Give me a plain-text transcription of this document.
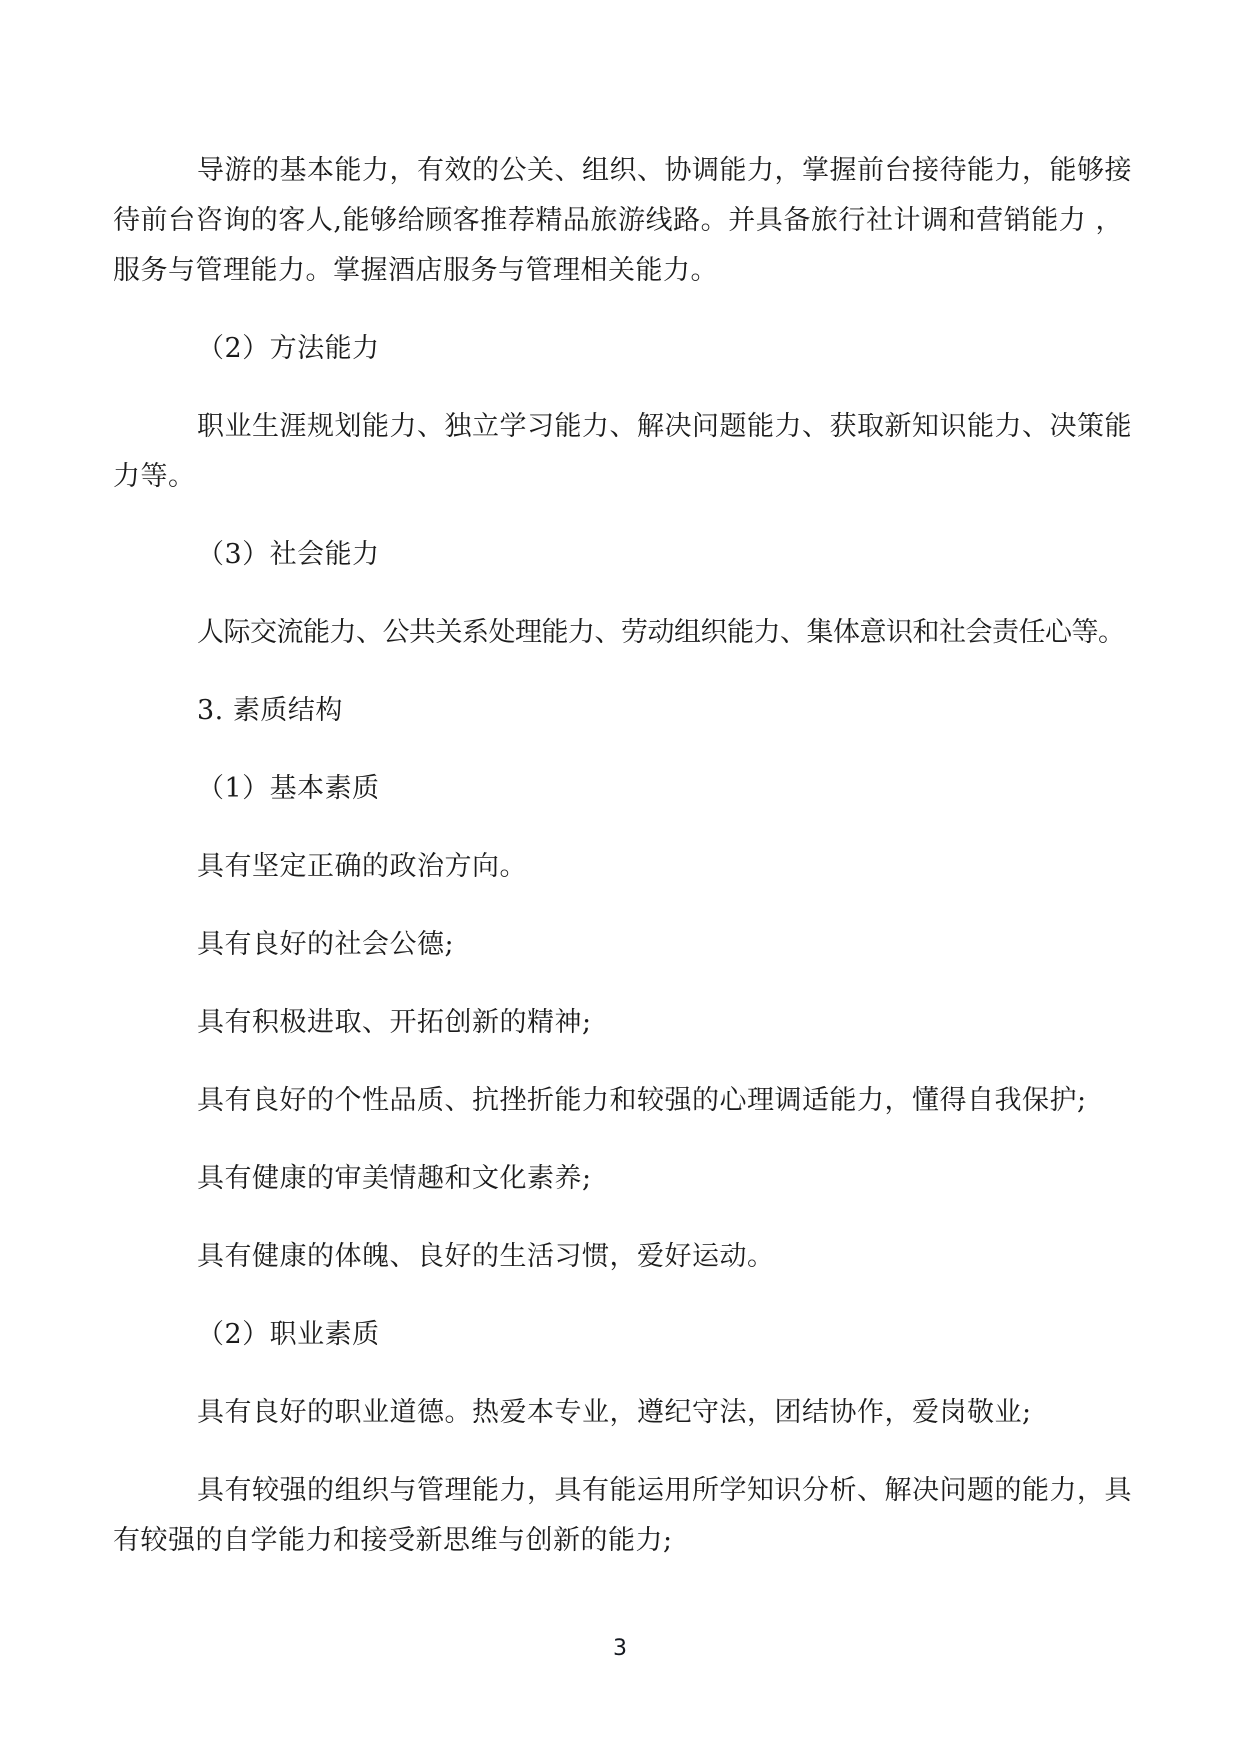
导游的基本能力，有效的公关、组织、协调能力，掌握前台接待能力，能够接
待前台咨询的客人,能够给顾客推荐精品旅游线路。并具备旅行社计调和营销能力 ，
服务与管理能力。掌握酒店服务与管理相关能力。
（2）方法能力
职业生涯规划能力、独立学习能力、解决问题能力、获取新知识能力、决策能
力等。
（3）社会能力
人际交流能力、公共关系处理能力、劳动组织能力、集体意识和社会责任心等。
3. 素质结构
（1）基本素质
具有坚定正确的政治方向。
具有良好的社会公德;
具有积极进取、开拓创新的精神;
具有良好的个性品质、抗挫折能力和较强的心理调适能力，懂得自我保护;
具有健康的审美情趣和文化素养;
具有健康的体魄、良好的生活习惯，爱好运动。
（2）职业素质
具有良好的职业道德。热爱本专业，遵纪守法，团结协作，爱岗敬业;
具有较强的组织与管理能力，具有能运用所学知识分析、解决问题的能力，具
有较强的自学能力和接受新思维与创新的能力;
3
